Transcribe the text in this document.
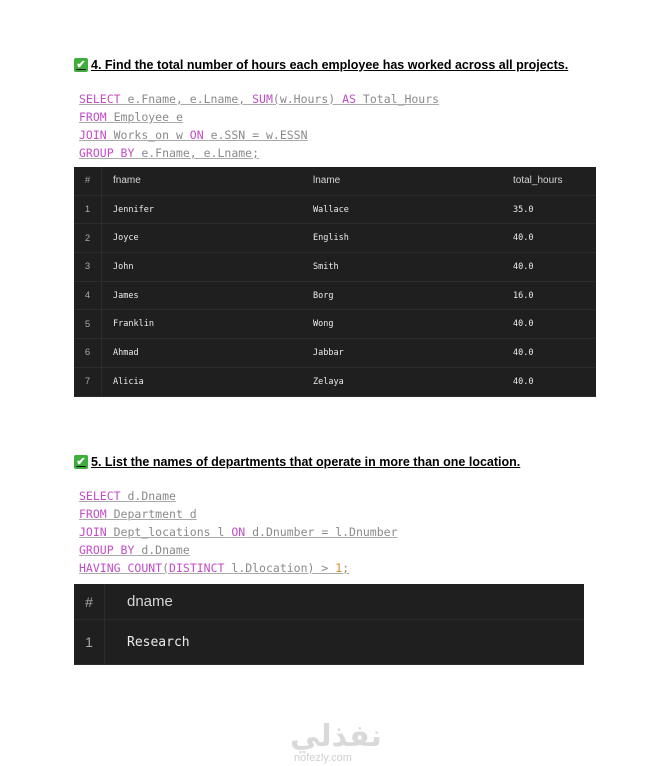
✔ 4. Find the total number of hours each employee has worked across all projects.
SELECT e.Fname, e.Lname, SUM(w.Hours) AS Total_Hours
FROM Employee e
JOIN Works_on w ON e.SSN = w.ESSN
GROUP BY e.Fname, e.Lname;
#	fname	lname	total_hours
1	Jennifer	Wallace	35.0
2	Joyce	English	40.0
3	John	Smith	40.0
4	James	Borg	16.0
5	Franklin	Wong	40.0
6	Ahmad	Jabbar	40.0
7	Alicia	Zelaya	40.0
✔ 5. List the names of departments that operate in more than one location.
SELECT d.Dname
FROM Department d
JOIN Dept_locations l ON d.Dnumber = l.Dnumber
GROUP BY d.Dname
HAVING COUNT(DISTINCT l.Dlocation) > 1;
#	dname
1	Research
نفذلي
nofezly.com
